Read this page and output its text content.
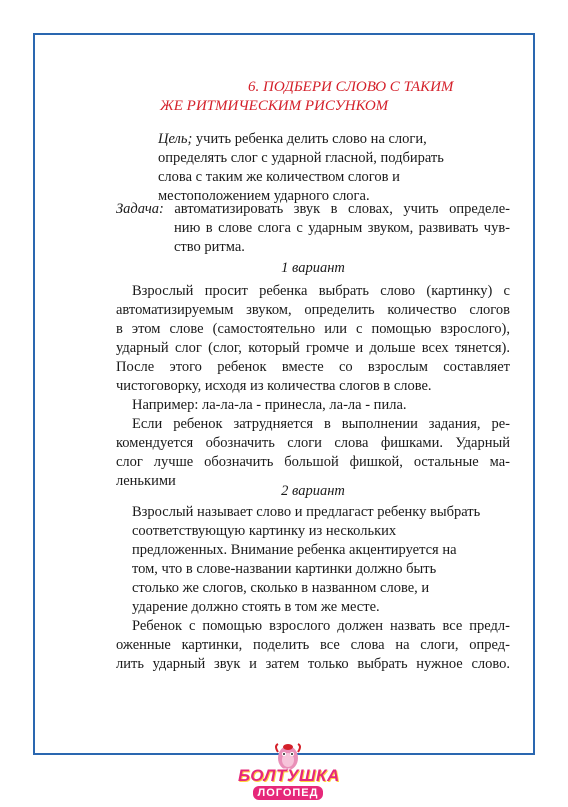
6. ПОДБЕРИ СЛОВО С ТАКИМ
ЖЕ РИТМИЧЕСКИМ РИСУНКОМ
Цель; учить ребенка делить слово на слоги,
определять слог с ударной гласной, подбирать
слова с таким же количеством слогов и
местоположением ударного слога.
Задача: автоматизировать звук в словах, учить определе-
нию в слове слога с ударным звуком, развивать чув-
ство ритма.
1 вариант
Взрослый просит ребенка выбрать слово (картинку) с
автоматизируемым звуком, определить количество слогов
в этом слове (самостоятельно или с помощью взрослого),
ударный слог (слог, который громче и дольше всех тянется).
После этого ребенок вместе со взрослым составляет
чистоговорку, исходя из количества слогов в слове.
Например: ла-ла-ла - принесла, ла-ла - пила.
Если ребенок затрудняется в выполнении задания, ре-
комендуется обозначить слоги слова фишками. Ударный
слог лучше обозначить большой фишкой, остальные ма-
ленькими
2 вариант
Взрослый называет слово и предлагаст ребенку выбрать
соответствующую картинку из нескольких
предложенных. Внимание ребенка акцентируется на
том, что в слове-названии картинки должно быть
столько же слогов, сколько в названном слове, и
ударение должно стоять в том же месте.
Ребенок с помощью взрослого должен назвать все предл-
оженные картинки, поделить все слова на слоги, опред-
лить ударный звук и затем только выбрать нужное слово.
БОЛТУШКА
ЛОГОПЕД
